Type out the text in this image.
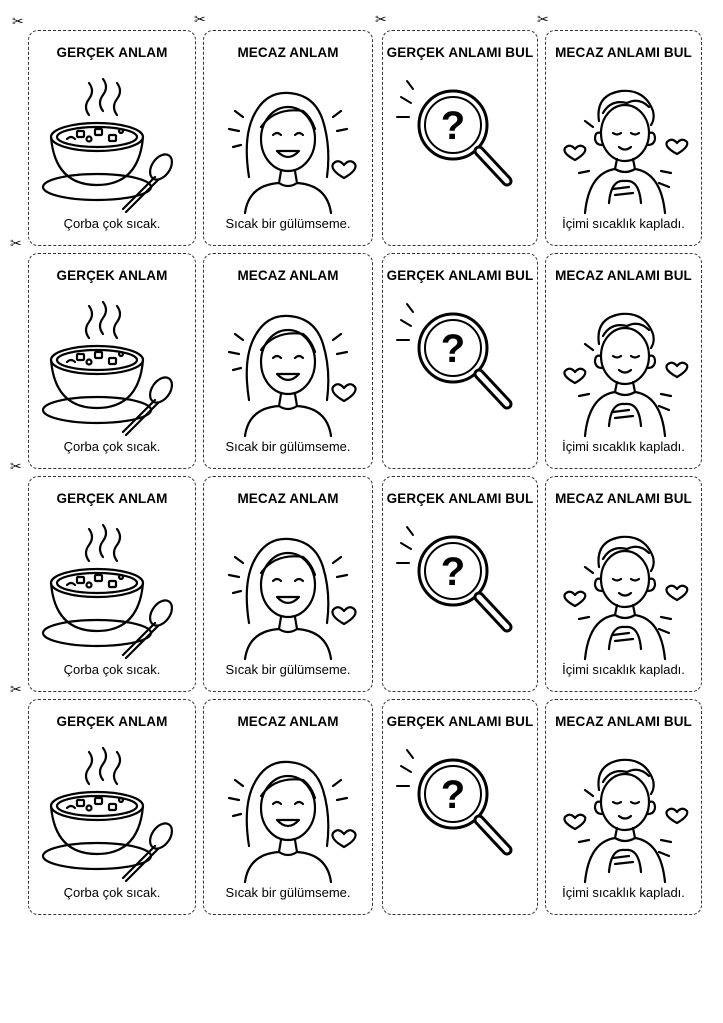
GERÇEK ANLAM
Çorba çok sıcak.
MECAZ ANLAM
Sıcak bir gülümseme.
GERÇEK ANLAMI BUL
?
MECAZ ANLAMI BUL
İçimi sıcaklık kapladı.
GERÇEK ANLAM
Çorba çok sıcak.
MECAZ ANLAM
Sıcak bir gülümseme.
GERÇEK ANLAMI BUL
?
MECAZ ANLAMI BUL
İçimi sıcaklık kapladı.
GERÇEK ANLAM
Çorba çok sıcak.
MECAZ ANLAM
Sıcak bir gülümseme.
GERÇEK ANLAMI BUL
?
MECAZ ANLAMI BUL
İçimi sıcaklık kapladı.
GERÇEK ANLAM
Çorba çok sıcak.
MECAZ ANLAM
Sıcak bir gülümseme.
GERÇEK ANLAMI BUL
?
MECAZ ANLAMI BUL
İçimi sıcaklık kapladı.
✂	✂	✂	✂
✂
✂
✂
